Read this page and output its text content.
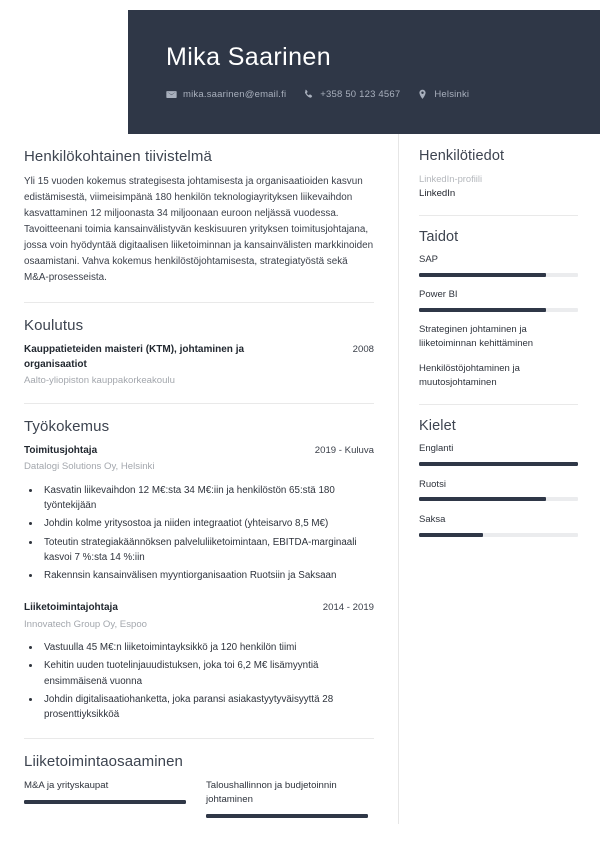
Mika Saarinen
mika.saarinen@email.fi	+358 50 123 4567	Helsinki
Henkilökohtainen tiivistelmä

Yli 15 vuoden kokemus strategisesta johtamisesta ja organisaatioiden kasvun edistämisestä, viimeisimpänä 180 henkilön teknologiayrityksen liikevaihdon kasvattaminen 12 miljoonasta 34 miljoonaan euroon neljässä vuodessa. Tavoitteenani toimia kansainvälistyvän keskisuuren yrityksen toimitusjohtajana, jossa voin hyödyntää digitaalisen liiketoiminnan ja kansainvälisten markkinoiden osaamistani. Vahva kokemus henkilöstöjohtamisesta, strategiatyöstä sekä M&A-prosesseista.

Koulutus
Kauppatieteiden maisteri (KTM), johtaminen ja organisaatiot
2008
Aalto-yliopiston kauppakorkeakoulu
Työkokemus
Toimitusjohtaja	2019 - Kuluva
Datalogi Solutions Oy, Helsinki
• Kasvatin liikevaihdon 12 M€:sta 34 M€:iin ja henkilöstön 65:stä 180 työntekijään
• Johdin kolme yritysostoa ja niiden integraatiot (yhteisarvo 8,5 M€)
• Toteutin strategiakäännöksen palveluliiketoimintaan, EBITDA-marginaali kasvoi 7 %:sta 14 %:iin
• Rakennsin kansainvälisen myyntiorganisaation Ruotsiin ja Saksaan
Liiketoimintajohtaja	2014 - 2019
Innovatech Group Oy, Espoo
• Vastuulla 45 M€:n liiketoimintayksikkö ja 120 henkilön tiimi
• Kehitin uuden tuotelinjauudistuksen, joka toi 6,2 M€ lisämyyntiä ensimmäisenä vuonna
• Johdin digitalisaatiohanketta, joka paransi asiakastyytyväisyyttä 28 prosenttiyksikköä
Liiketoimintaosaaminen
M&A ja yrityskaupat	Taloushallinnon ja budjetoinnin johtaminen
Henkilötiedot
LinkedIn-profiili
LinkedIn
Taidot
SAP
Power BI
Strateginen johtaminen ja liiketoiminnan kehittäminen
Henkilöstöjohtaminen ja muutosjohtaminen
Kielet
Englanti
Ruotsi
Saksa
